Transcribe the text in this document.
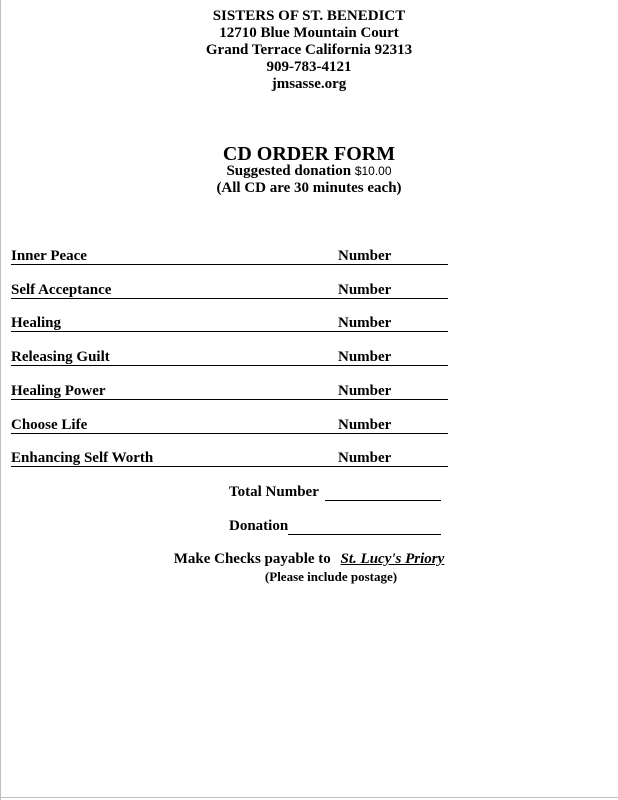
SISTERS OF ST. BENEDICT
12710 Blue Mountain Court
Grand Terrace California 92313
909-783-4121
jmsasse.org
CD ORDER FORM
Suggested donation $10.00
(All CD are 30 minutes each)
Inner Peace	Number
Self Acceptance	Number
Healing	Number
Releasing Guilt	Number
Healing Power	Number
Choose Life	Number
Enhancing Self Worth	Number
Total Number
Donation
Make Checks payable to St. Lucy's Priory
(Please include postage)
